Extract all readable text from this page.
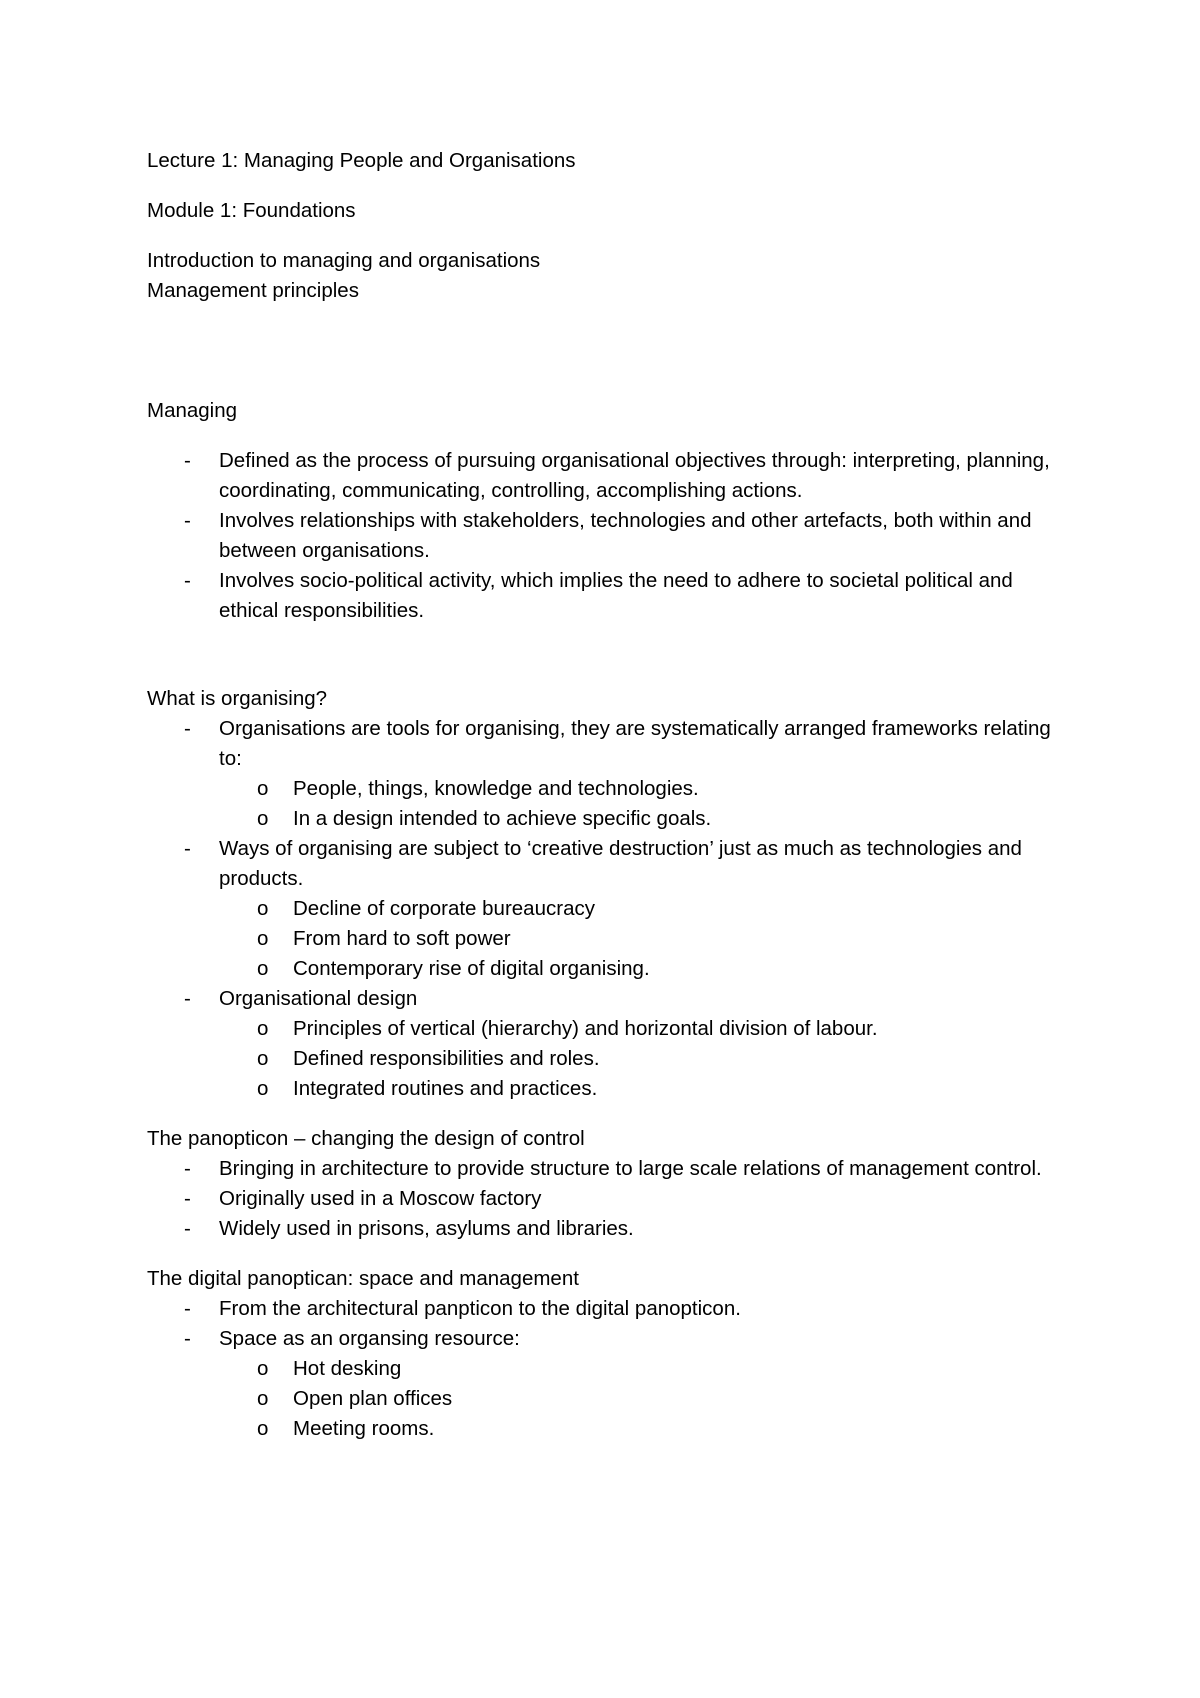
Lecture 1: Managing People and Organisations

Module 1: Foundations

Introduction to managing and organisations

Management principles

Managing

- Defined as the process of pursuing organisational objectives through: interpreting, planning, coordinating, communicating, controlling, accomplishing actions.
- Involves relationships with stakeholders, technologies and other artefacts, both within and between organisations.
- Involves socio-political activity, which implies the need to adhere to societal political and ethical responsibilities.

What is organising?

- Organisations are tools for organising, they are systematically arranged frameworks relating to:
o People, things, knowledge and technologies.
o In a design intended to achieve specific goals.
- Ways of organising are subject to ‘creative destruction’ just as much as technologies and products.
o Decline of corporate bureaucracy
o From hard to soft power
o Contemporary rise of digital organising.
- Organisational design
o Principles of vertical (hierarchy) and horizontal division of labour.
o Defined responsibilities and roles.
o Integrated routines and practices.

The panopticon – changing the design of control

- Bringing in architecture to provide structure to large scale relations of management control.
- Originally used in a Moscow factory
- Widely used in prisons, asylums and libraries.

The digital panoptican: space and management

- From the architectural panpticon to the digital panopticon.
- Space as an organsing resource:
o Hot desking
o Open plan offices
o Meeting rooms.
